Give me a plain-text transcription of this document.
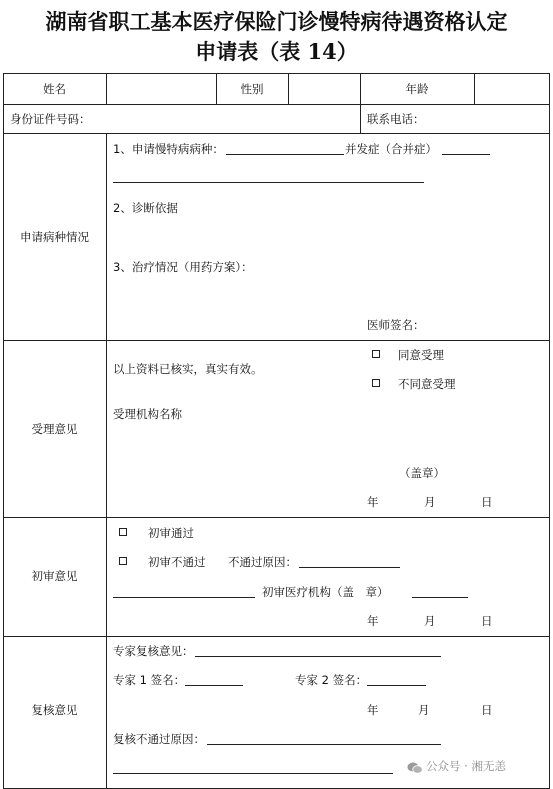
湖南省职工基本医疗保险门诊慢特病待遇资格认定
申请表（表 14）
姓名	性别	年龄
身份证件号码：	联系电话：
申请病种情况
1、申请慢特病病种：	并发症（合并症）
2、诊断依据
3、治疗情况（用药方案）：
医师签名：
受理意见
同意受理
不同意受理
以上资料已核实，真实有效。
受理机构名称
（盖章）
年	月	日
初审意见
初审通过
初审不通过 不通过原因：
初审医疗机构（盖　章）
年	月	日
复核意见
专家复核意见：
专家 1 签名：	专家 2 签名：
年	月	日
复核不通过原因：
公众号 · 湘无恙
